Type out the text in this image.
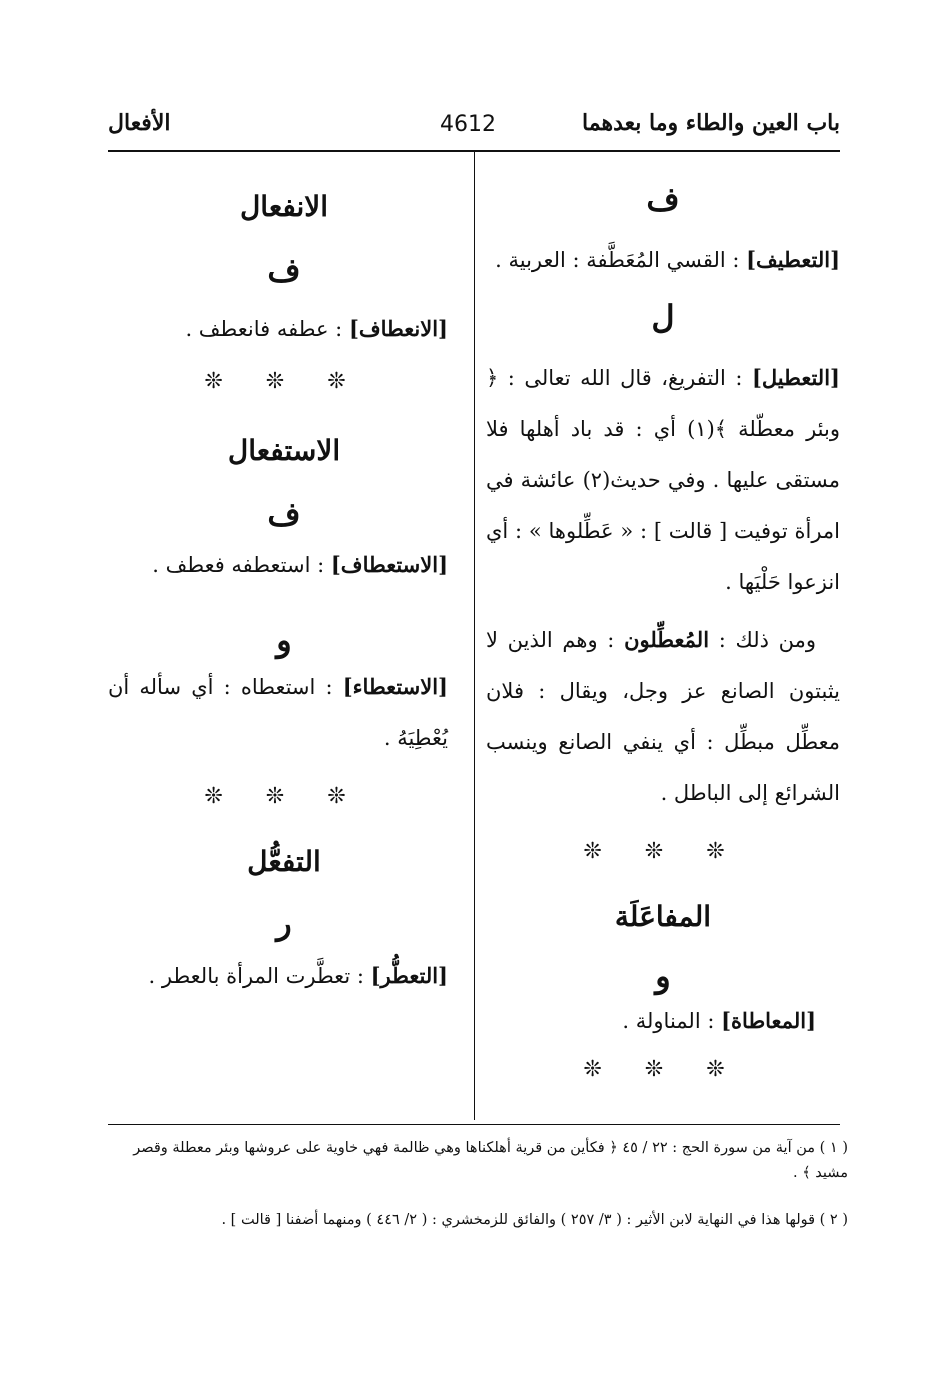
باب العين والطاء وما بعدهما
4612
الأفعال
ف
[التعطيف] : القسي المُعَطَّفة : العربية .
ل
[التعطيل] : التفريغ، قال الله تعالى : ﴿ وبئر معطّلة ﴾(١) أي : قد باد أهلها فلا مستقى عليها . وفي حديث(٢) عائشة في امرأة توفيت [ قالت ] : « عَطِّلوها » : أي انزعوا حَلْيَها .
ومن ذلك : المُعطِّلون : وهم الذين لا يثبتون الصانع عز وجل، ويقال : فلان معطِّل مبطِّل : أي ينفي الصانع وينسب الشرائع إلى الباطل .
❊ ❊ ❊
المفاعَلَة
و
[المعاطاة] : المناولة .
❊ ❊ ❊
الانفعال
ف
[الانعطاف] : عطفه فانعطف .
❊ ❊ ❊
الاستفعال
ف
[الاستعطاف] : استعطفه فعطف .
و
[الاستعطاء] : استعطاه : أي سأله أن يُعْطِيَهُ .
❊ ❊ ❊
التفعُّل
ر
[التعطُّر] : تعطَّرت المرأة بالعطر .
( ١ ) من آية من سورة الحج : ٢٢ / ٤٥ ﴿ فكأين من قرية أهلكناها وهي ظالمة فهي خاوية على عروشها وبئر معطلة وقصر مشيد ﴾ .
( ٢ ) قولها هذا في النهاية لابن الأثير : ( ٣/ ٢٥٧ ) والفائق للزمخشري : ( ٢/ ٤٤٦ ) ومنهما أضفنا [ قالت ] .
